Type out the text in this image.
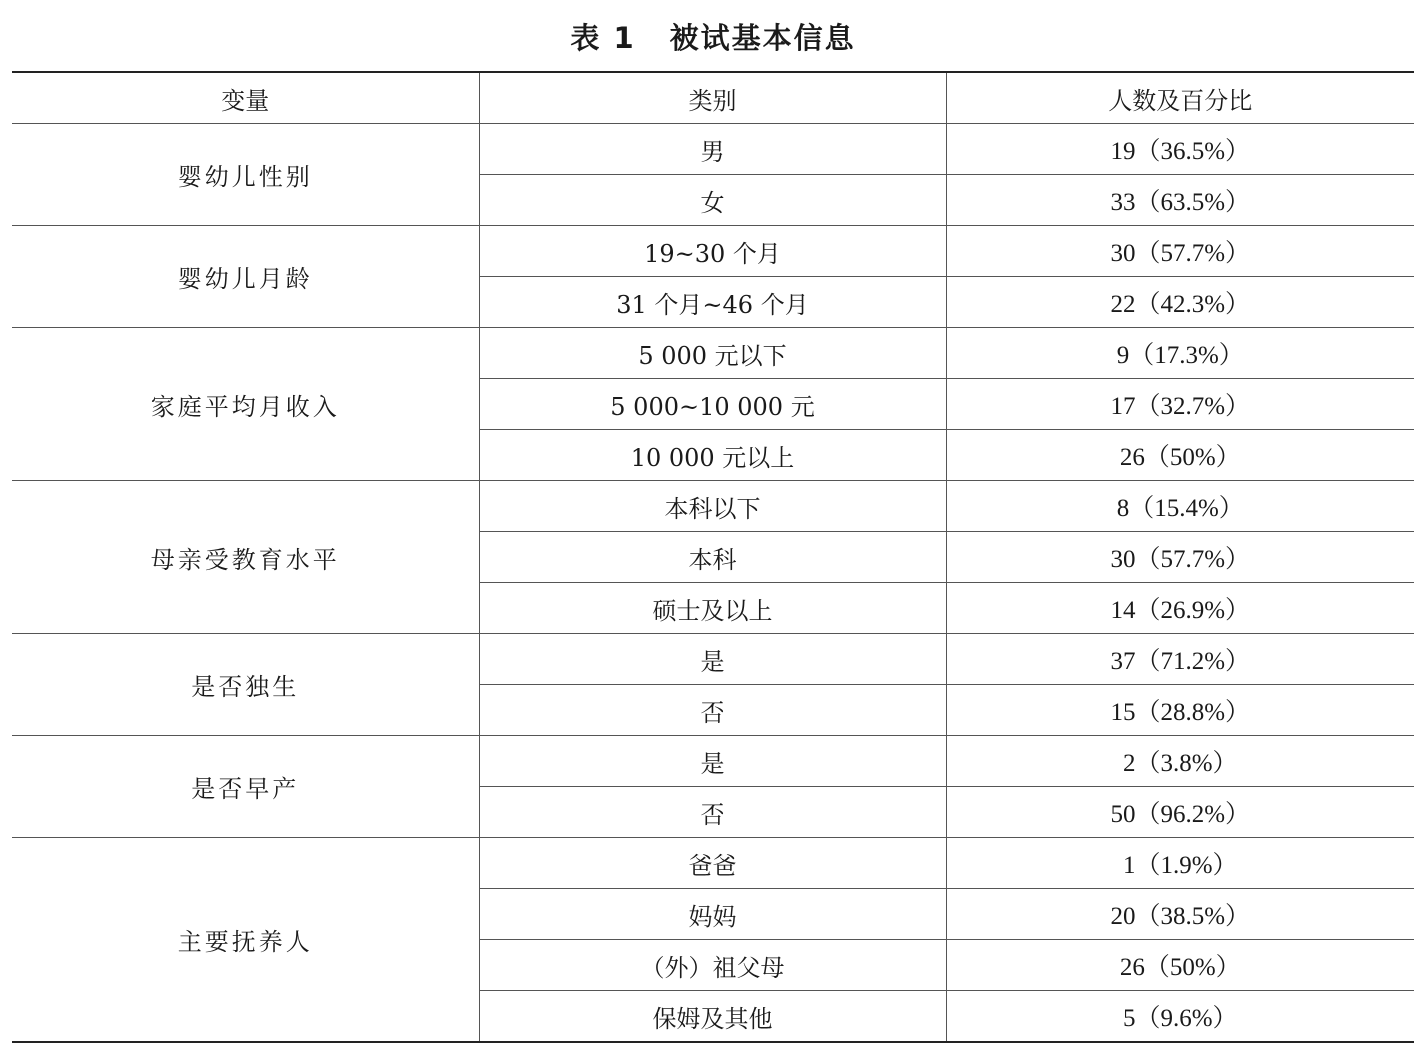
表 1 被试基本信息
变量	类别	人数及百分比
婴幼儿性别	男	19（36.5%）
	女	33（63.5%）
婴幼儿月龄	19~30 个月	30（57.7%）
	31 个月~46 个月	22（42.3%）
家庭平均月收入	5 000 元以下	9（17.3%）
	5 000~10 000 元	17（32.7%）
	10 000 元以上	26（50%）
母亲受教育水平	本科以下	8（15.4%）
	本科	30（57.7%）
	硕士及以上	14（26.9%）
是否独生	是	37（71.2%）
	否	15（28.8%）
是否早产	是	2（3.8%）
	否	50（96.2%）
主要抚养人	爸爸	1（1.9%）
	妈妈	20（38.5%）
	（外）祖父母	26（50%）
	保姆及其他	5（9.6%）
